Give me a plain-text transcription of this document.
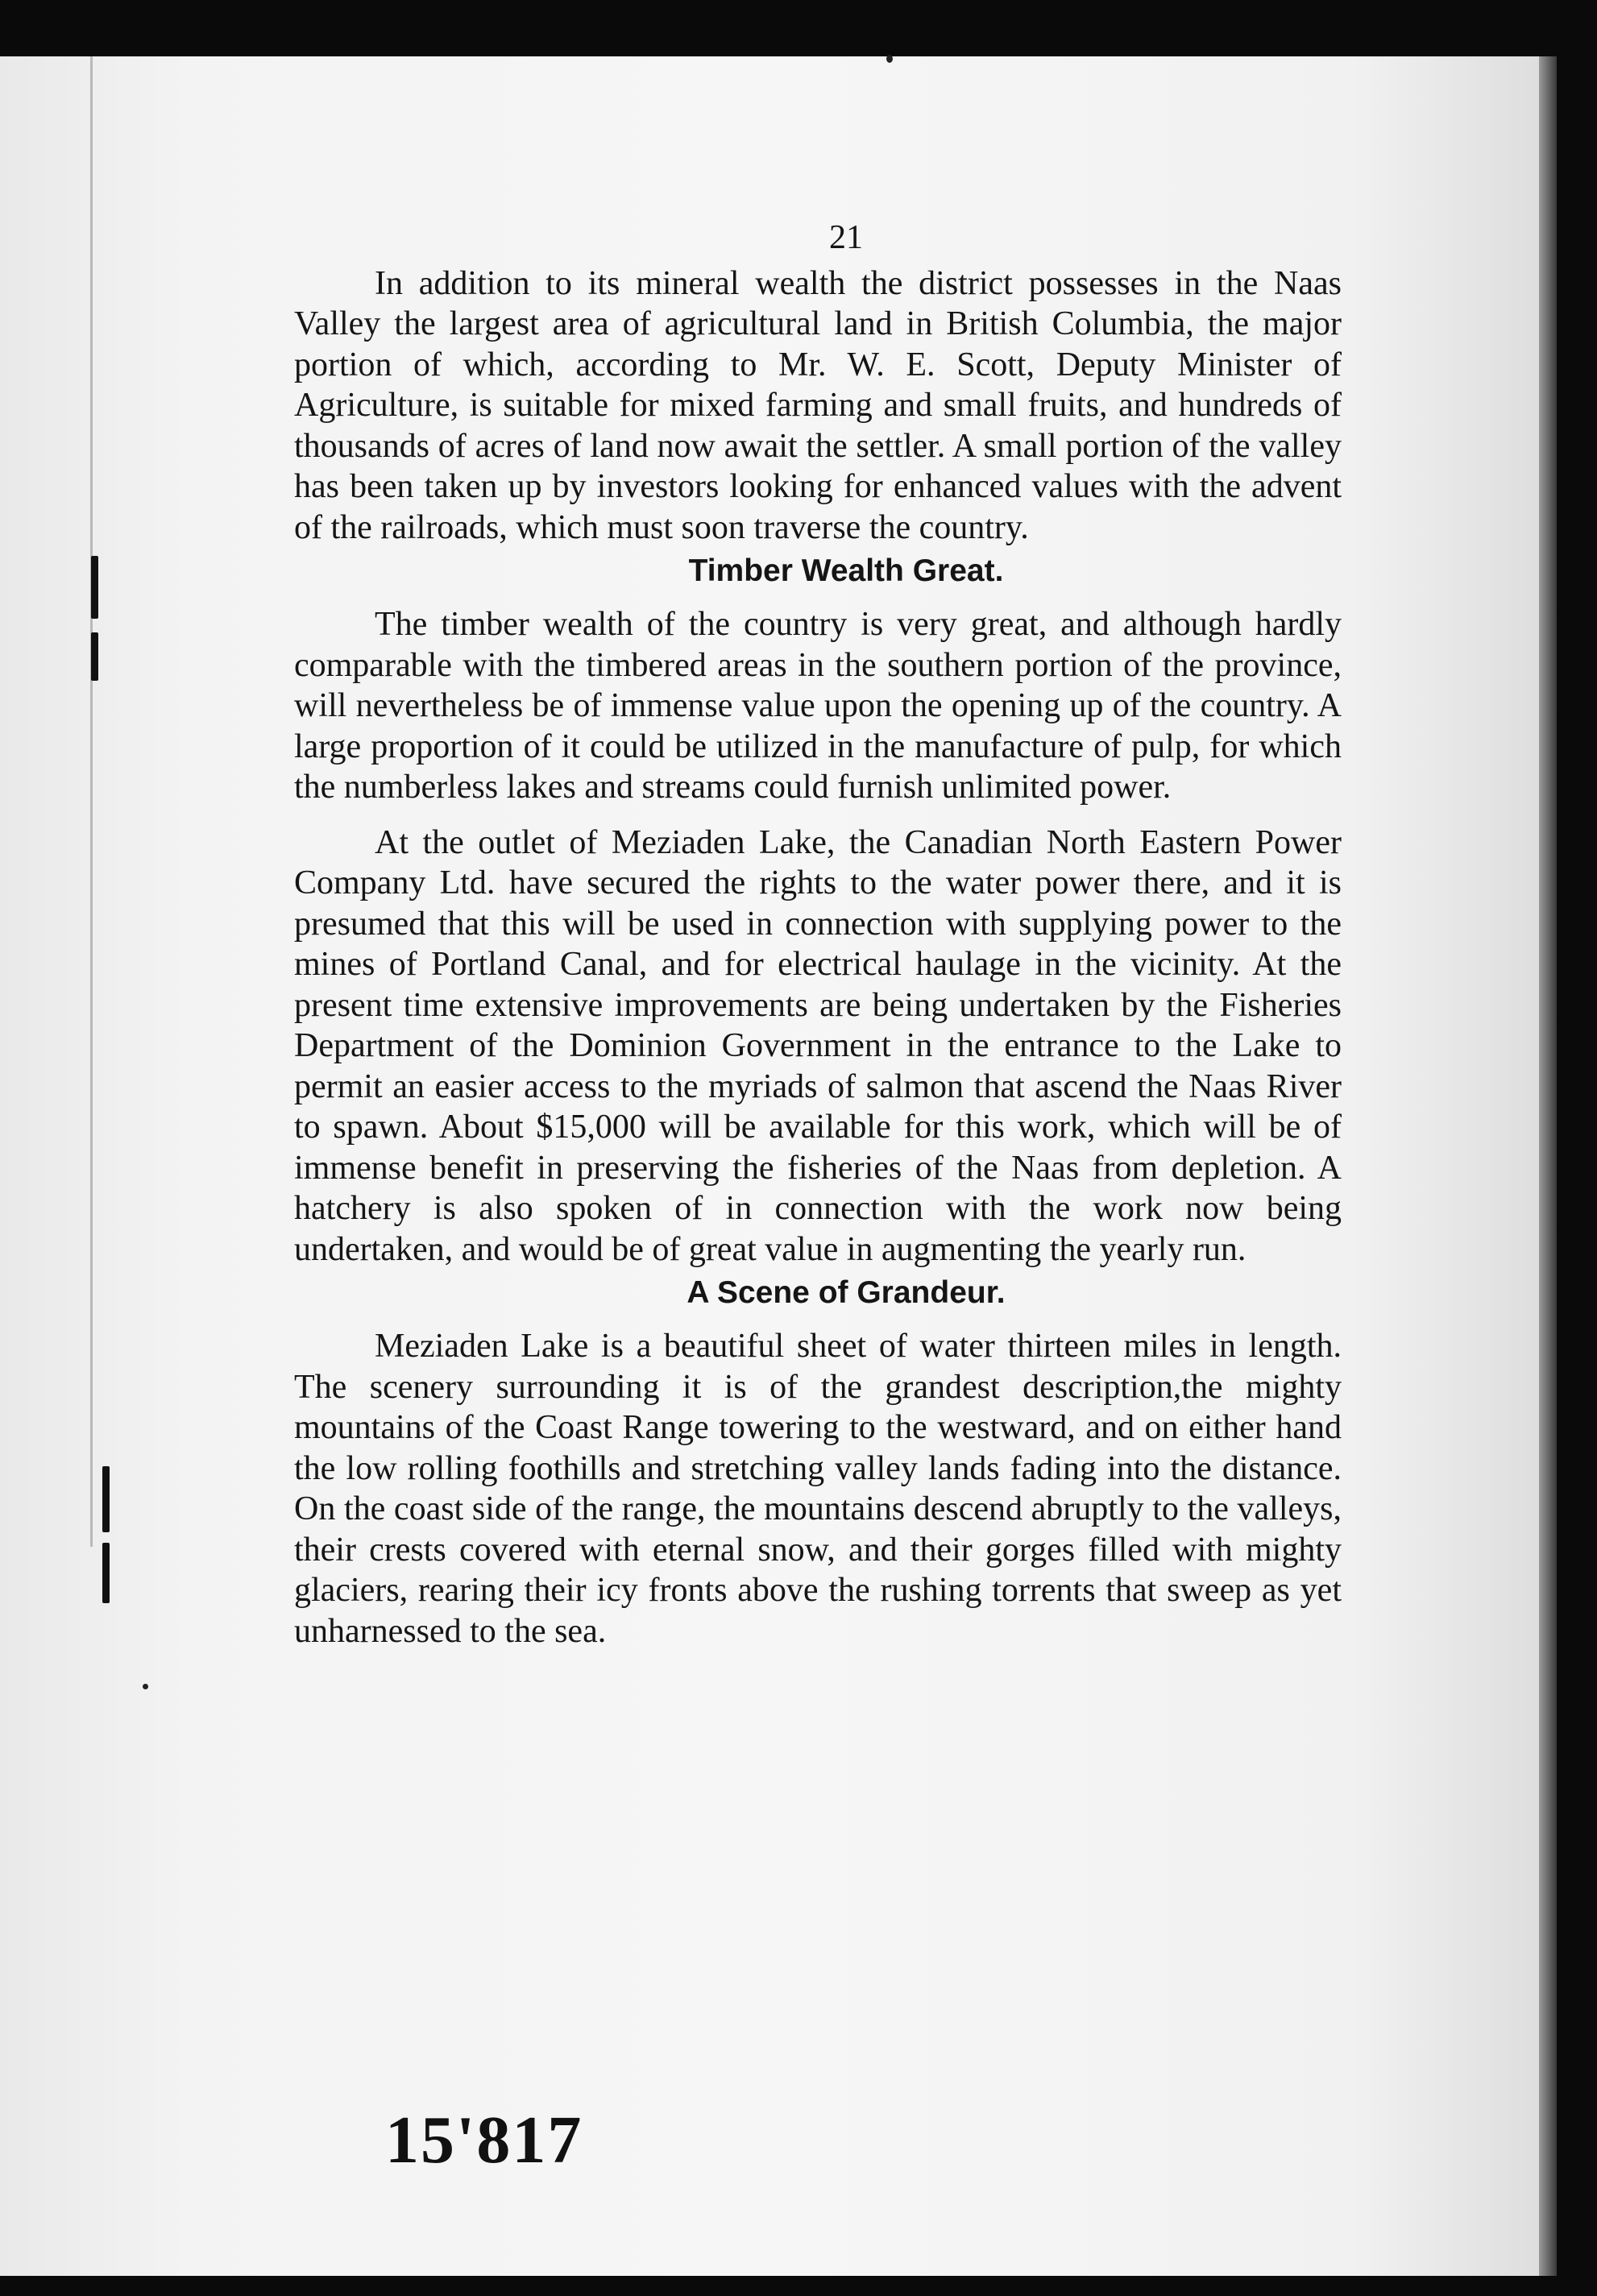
21

In addition to its mineral wealth the district possesses in the Naas Valley the largest area of agricultural land in British Columbia, the major portion of which, according to Mr. W. E. Scott, Deputy Minister of Agriculture, is suitable for mixed farming and small fruits, and hundreds of thousands of acres of land now await the settler. A small portion of the valley has been taken up by investors looking for enhanced values with the advent of the railroads, which must soon traverse the country.

Timber Wealth Great.

The timber wealth of the country is very great, and although hardly comparable with the timbered areas in the southern portion of the province, will nevertheless be of immense value upon the opening up of the country. A large proportion of it could be utilized in the manufacture of pulp, for which the numberless lakes and streams could furnish unlimited power.

At the outlet of Meziaden Lake, the Canadian North Eastern Power Company Ltd. have secured the rights to the water power there, and it is presumed that this will be used in connection with supplying power to the mines of Portland Canal, and for electrical haulage in the vicinity. At the present time extensive improvements are being undertaken by the Fisheries Department of the Dominion Government in the entrance to the Lake to permit an easier access to the myriads of salmon that ascend the Naas River to spawn. About $15,000 will be available for this work, which will be of immense benefit in preserving the fisheries of the Naas from depletion. A hatchery is also spoken of in connection with the work now being undertaken, and would be of great value in augmenting the yearly run.

A Scene of Grandeur.

Meziaden Lake is a beautiful sheet of water thirteen miles in length. The scenery surrounding it is of the grandest description,the mighty mountains of the Coast Range towering to the westward, and on either hand the low rolling foothills and stretching valley lands fading into the distance. On the coast side of the range, the mountains descend abruptly to the valleys, their crests covered with eternal snow, and their gorges filled with mighty glaciers, rearing their icy fronts above the rushing torrents that sweep as yet unharnessed to the sea.

15'817
